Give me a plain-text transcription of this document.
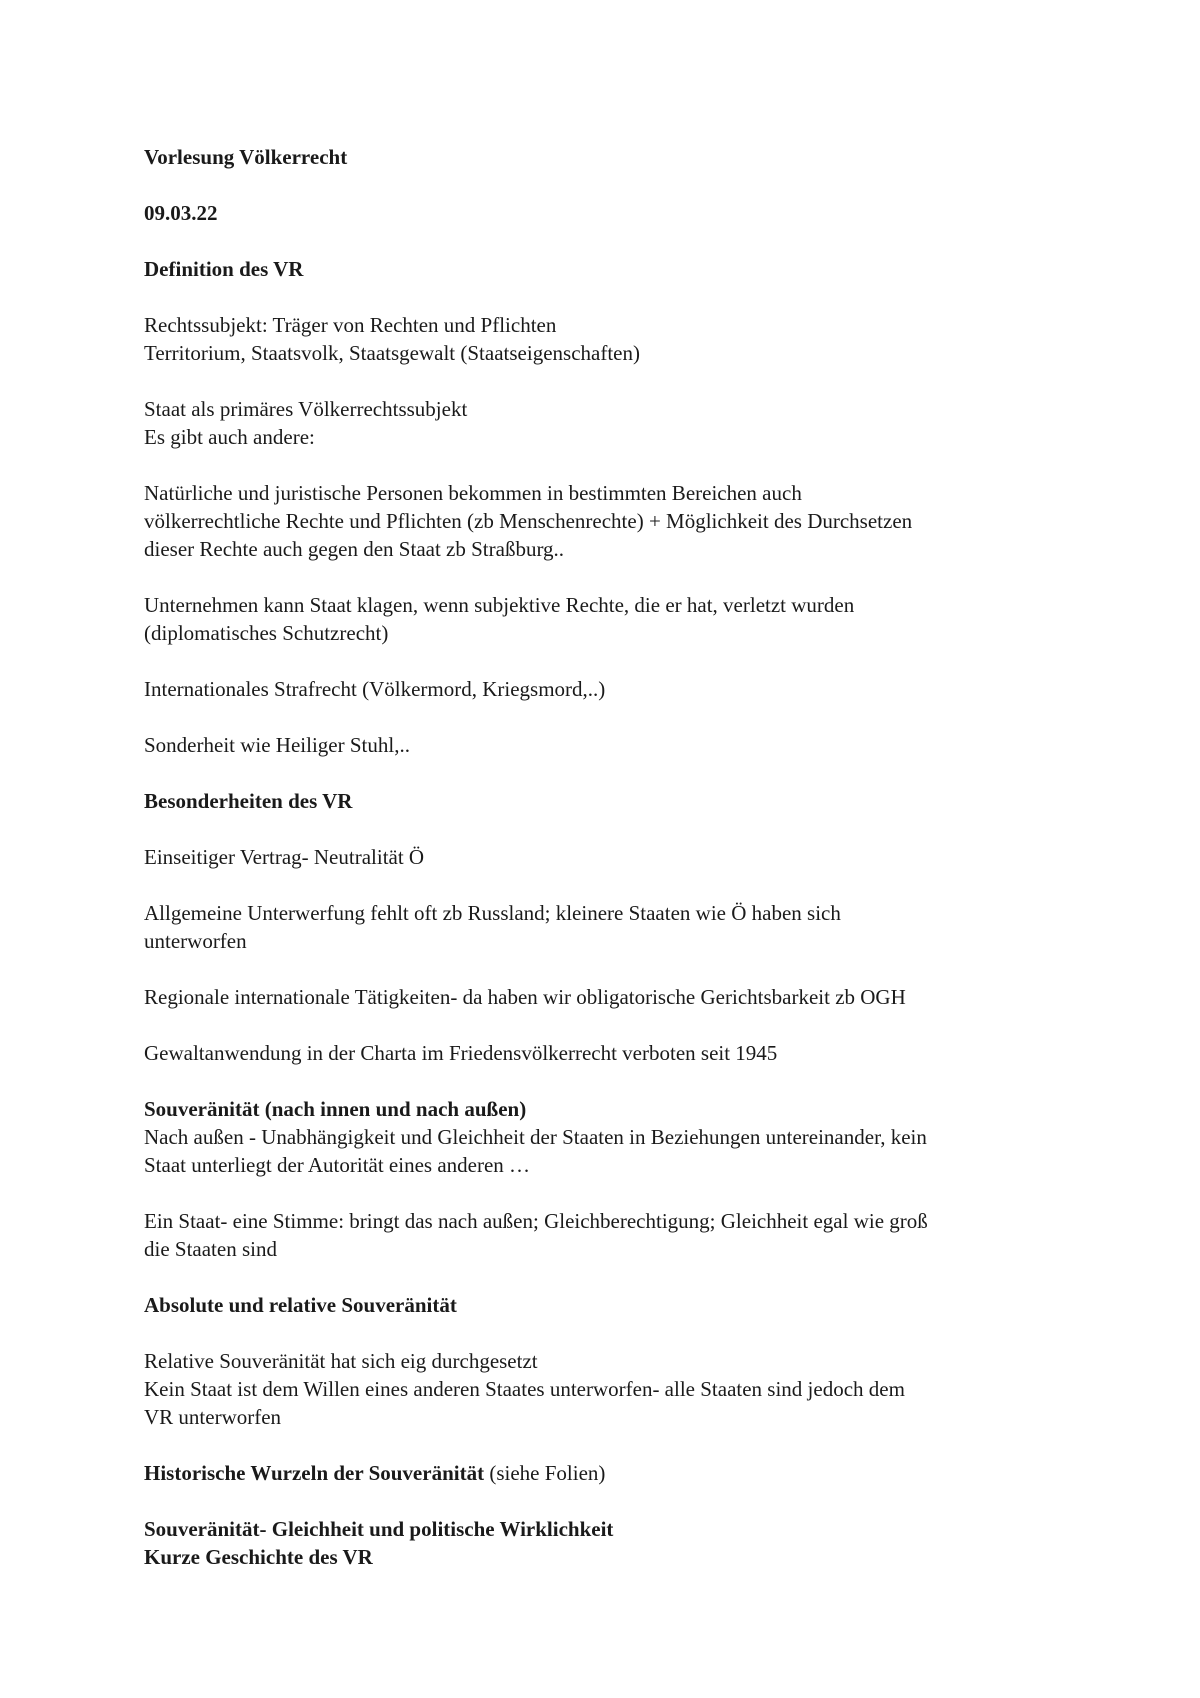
Vorlesung Völkerrecht

09.03.22

Definition des VR

Rechtssubjekt: Träger von Rechten und Pflichten
Territorium, Staatsvolk, Staatsgewalt (Staatseigenschaften)

Staat als primäres Völkerrechtssubjekt
Es gibt auch andere:

Natürliche und juristische Personen bekommen in bestimmten Bereichen auch
völkerrechtliche Rechte und Pflichten (zb Menschenrechte) + Möglichkeit des Durchsetzen
dieser Rechte auch gegen den Staat zb Straßburg..

Unternehmen kann Staat klagen, wenn subjektive Rechte, die er hat, verletzt wurden
(diplomatisches Schutzrecht)

Internationales Strafrecht (Völkermord, Kriegsmord,..)

Sonderheit wie Heiliger Stuhl,..

Besonderheiten des VR

Einseitiger Vertrag- Neutralität Ö

Allgemeine Unterwerfung fehlt oft zb Russland; kleinere Staaten wie Ö haben sich
unterworfen

Regionale internationale Tätigkeiten- da haben wir obligatorische Gerichtsbarkeit zb OGH

Gewaltanwendung in der Charta im Friedensvölkerrecht verboten seit 1945

Souveränität (nach innen und nach außen)
Nach außen - Unabhängigkeit und Gleichheit der Staaten in Beziehungen untereinander, kein
Staat unterliegt der Autorität eines anderen …

Ein Staat- eine Stimme: bringt das nach außen; Gleichberechtigung; Gleichheit egal wie groß
die Staaten sind

Absolute und relative Souveränität

Relative Souveränität hat sich eig durchgesetzt
Kein Staat ist dem Willen eines anderen Staates unterworfen- alle Staaten sind jedoch dem
VR unterworfen

Historische Wurzeln der Souveränität (siehe Folien)

Souveränität- Gleichheit und politische Wirklichkeit
Kurze Geschichte des VR
